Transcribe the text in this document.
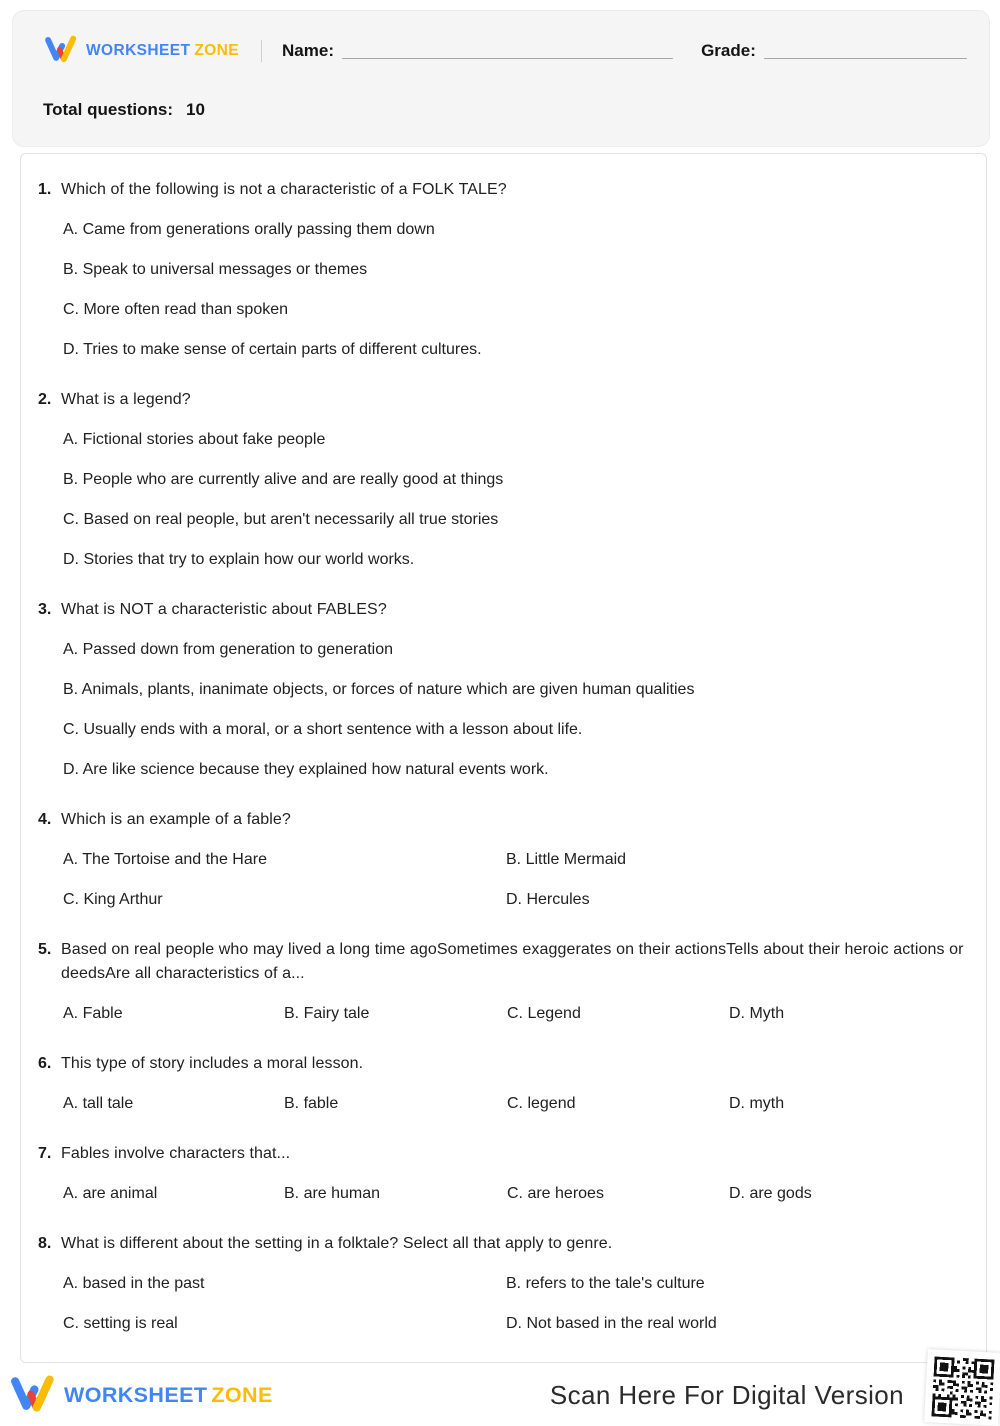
WORKSHEET ZONE	Name:	Grade:
Total questions: 10
1. Which of the following is not a characteristic of a FOLK TALE?
A. Came from generations orally passing them down
B. Speak to universal messages or themes
C. More often read than spoken
D. Tries to make sense of certain parts of different cultures.
2. What is a legend?
A. Fictional stories about fake people
B. People who are currently alive and are really good at things
C. Based on real people, but aren't necessarily all true stories
D. Stories that try to explain how our world works.
3. What is NOT a characteristic about FABLES?
A. Passed down from generation to generation
B. Animals, plants, inanimate objects, or forces of nature which are given human qualities
C. Usually ends with a moral, or a short sentence with a lesson about life.
D. Are like science because they explained how natural events work.
4. Which is an example of a fable?
A. The Tortoise and the Hare	B. Little Mermaid
C. King Arthur	D. Hercules
5. Based on real people who may lived a long time agoSometimes exaggerates on their actionsTells about their heroic actions or deedsAre all characteristics of a...
A. Fable	B. Fairy tale	C. Legend	D. Myth
6. This type of story includes a moral lesson.
A. tall tale	B. fable	C. legend	D. myth
7. Fables involve characters that...
A. are animal	B. are human	C. are heroes	D. are gods
8. What is different about the setting in a folktale? Select all that apply to genre.
A. based in the past	B. refers to the tale's culture
C. setting is real	D. Not based in the real world
WORKSHEET ZONE	Scan Here For Digital Version
